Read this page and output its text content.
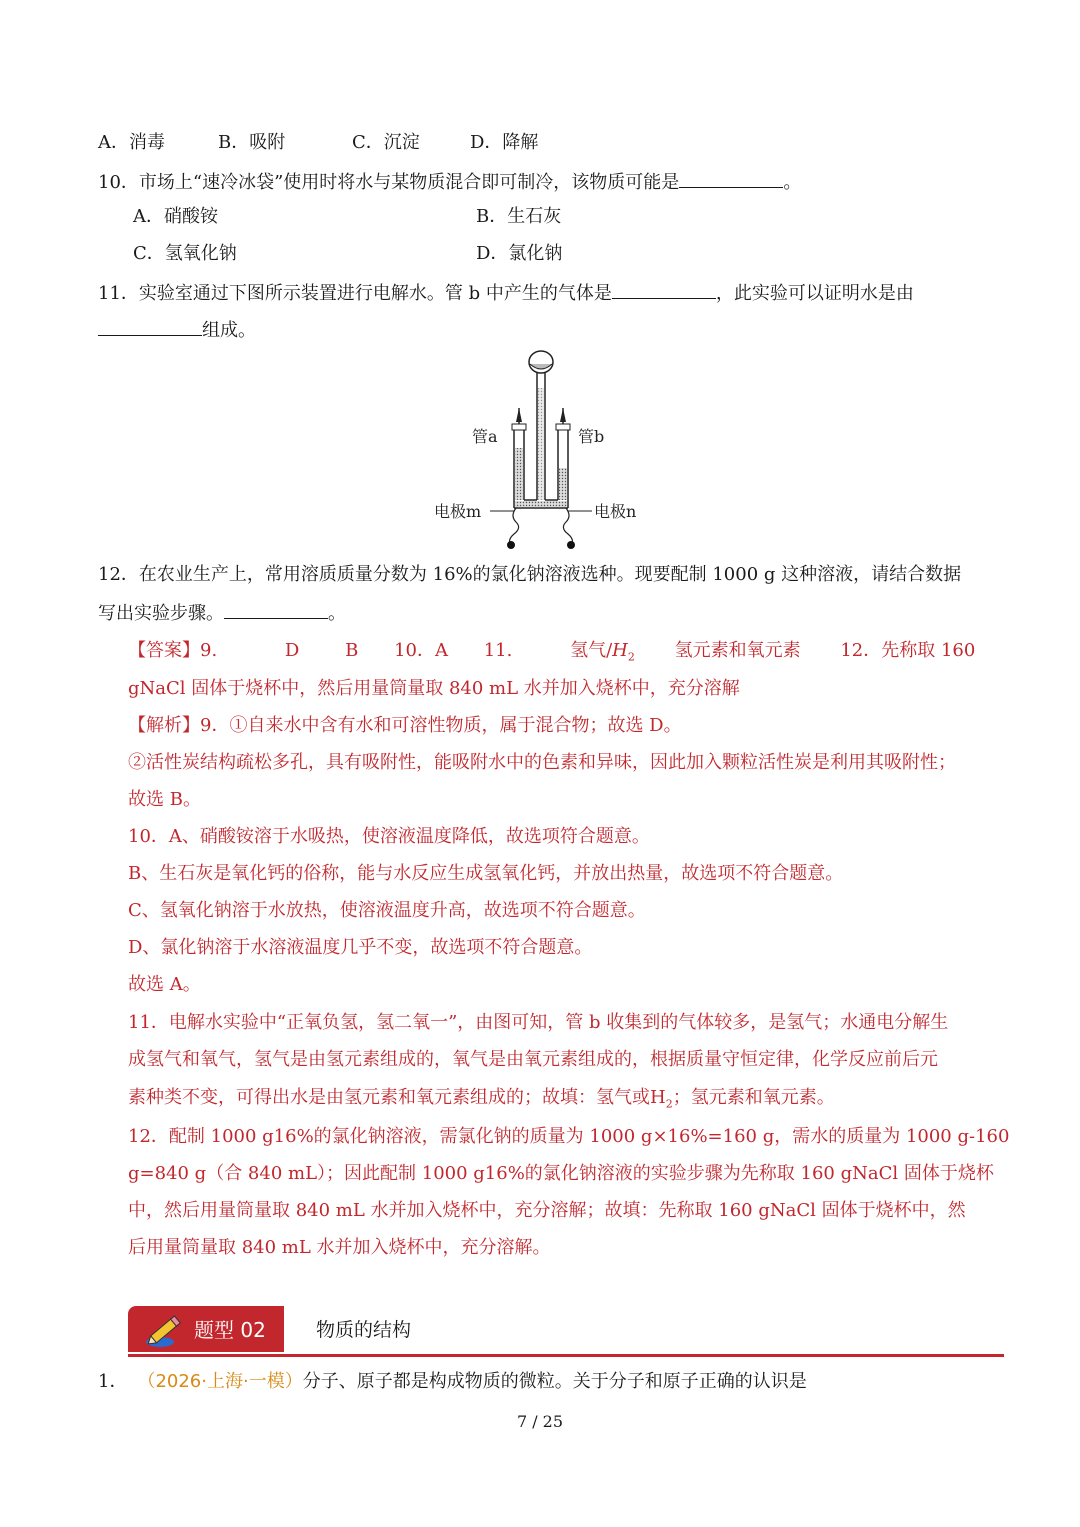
A．消毒	B．吸附	C．沉淀	D．降解
10．市场上“速冷冰袋”使用时将水与某物质混合即可制冷，该物质可能是	。
A．硝酸铵	B．生石灰
C．氢氧化钠	D．氯化钠
11．实验室通过下图所示装置进行电解水。管 b 中产生的气体是	，此实验可以证明水是由
组成。
管a	管b
电极m	电极n
12．在农业生产上，常用溶质质量分数为 16%的氯化钠溶液选种。现要配制 1000 g 这种溶液，请结合数据
写出实验步骤。	。
【答案】9.	D	B 10．A 11.	氢气$/H_2$ 氢元素和氧元素 12．先称取 160
gNaCl 固体于烧杯中，然后用量筒量取 840 mL 水并加入烧杯中，充分溶解
【解析】9．①自来水中含有水和可溶性物质，属于混合物；故选 D。
②活性炭结构疏松多孔，具有吸附性，能吸附水中的色素和异味，因此加入颗粒活性炭是利用其吸附性；
故选 B。
10．A、硝酸铵溶于水吸热，使溶液温度降低，故选项符合题意。
B、生石灰是氧化钙的俗称，能与水反应生成氢氧化钙，并放出热量，故选项不符合题意。
C、氢氧化钠溶于水放热，使溶液温度升高，故选项不符合题意。
D、氯化钠溶于水溶液温度几乎不变，故选项不符合题意。
故选 A。
11．电解水实验中“正氧负氢，氢二氧一”，由图可知，管 b 收集到的气体较多，是氢气；水通电分解生
成氢气和氧气，氢气是由氢元素组成的，氧气是由氧元素组成的，根据质量守恒定律，化学反应前后元
素种类不变，可得出水是由氢元素和氧元素组成的；故填：氢气或$H_2$；氢元素和氧元素。
12．配制 1000 g16%的氯化钠溶液，需氯化钠的质量为 1000 g×16%=160 g，需水的质量为 1000 g-160
g=840 g（合 840 mL）；因此配制 1000 g16%的氯化钠溶液的实验步骤为先称取 160 gNaCl 固体于烧杯
中，然后用量筒量取 840 mL 水并加入烧杯中，充分溶解；故填：先称取 160 gNaCl 固体于烧杯中，然
后用量筒量取 840 mL 水并加入烧杯中，充分溶解。
题型 02	物质的结构
1． （2026·上海·一模）分子、原子都是构成物质的微粒。关于分子和原子正确的认识是
7 / 25
